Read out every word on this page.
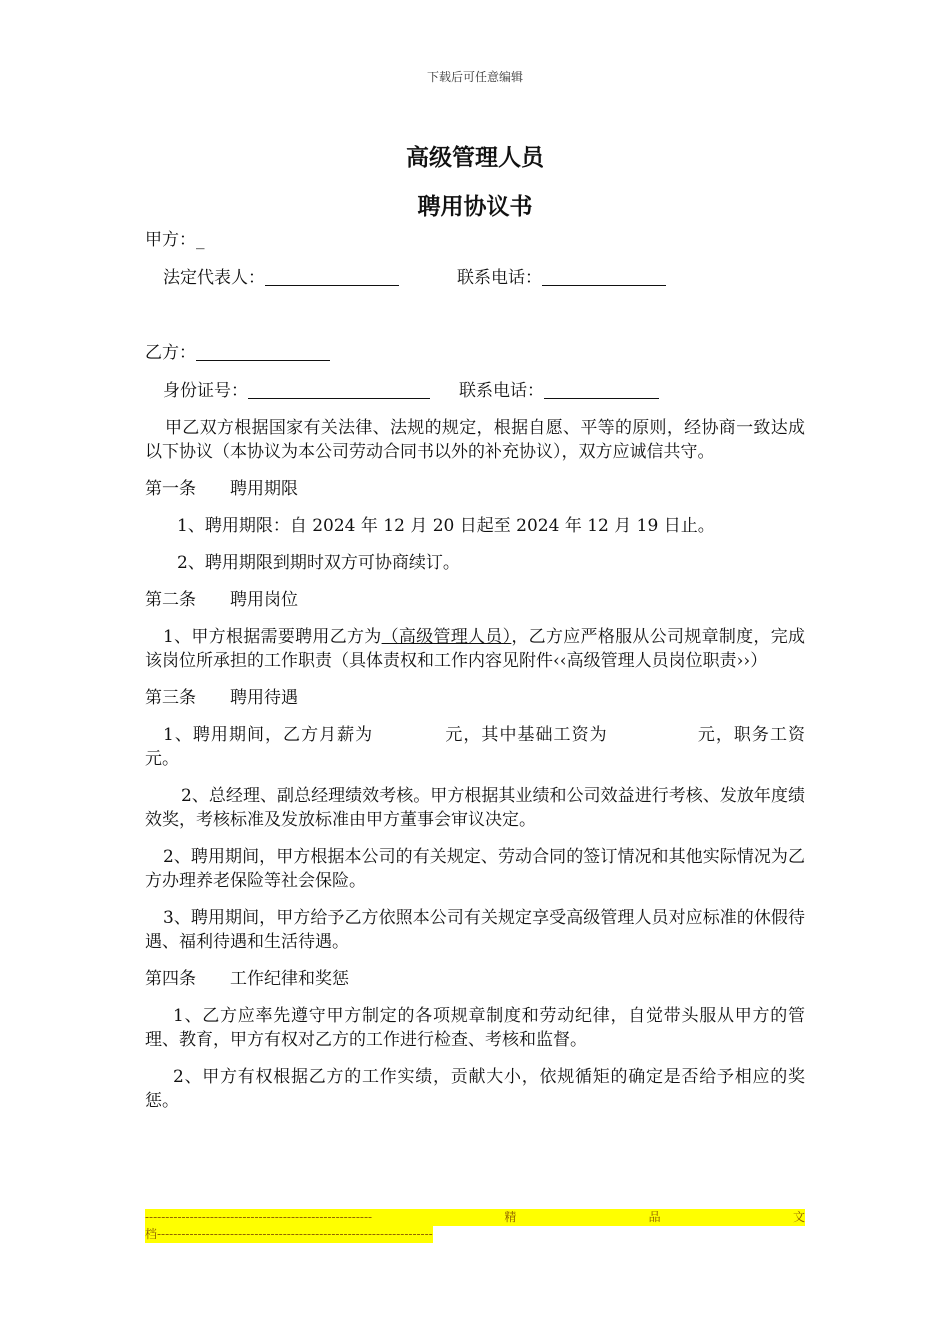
下载后可任意编辑
高级管理人员
聘用协议书

甲方：_

法定代表人：	联系电话：

乙方：

身份证号：	联系电话：

甲乙双方根据国家有关法律、法规的规定，根据自愿、平等的原则，经协商一致达成以下协议（本协议为本公司劳动合同书以外的补充协议），双方应诚信共守。

第一条　　聘用期限

1、聘用期限：自 2024 年 12 月 20 日起至 2024 年 12 月 19 日止。

2、聘用期限到期时双方可协商续订。

第二条　　聘用岗位

1、甲方根据需要聘用乙方为（高级管理人员），乙方应严格服从公司规章制度，完成该岗位所承担的工作职责（具体责权和工作内容见附件‹‹高级管理人员岗位职责››）

第三条　　聘用待遇

1、聘用期间，乙方月薪为　　　　元，其中基础工资为　　　　　元，职务工资　　　元。

2、总经理、副总经理绩效考核。甲方根据其业绩和公司效益进行考核、发放年度绩效奖，考核标准及发放标准由甲方董事会审议决定。

2、聘用期间，甲方根据本公司的有关规定、劳动合同的签订情况和其他实际情况为乙方办理养老保险等社会保险。

3、聘用期间，甲方给予乙方依照本公司有关规定享受高级管理人员对应标准的休假待遇、福利待遇和生活待遇。

第四条　　工作纪律和奖惩

1、乙方应率先遵守甲方制定的各项规章制度和劳动纪律，自觉带头服从甲方的管理、教育，甲方有权对乙方的工作进行检查、考核和监督。

2、甲方有权根据乙方的工作实绩，贡献大小，依规循矩的确定是否给予相应的奖惩。

--------------------------------------------------------	精	品	文
档--------------------------------------------------------------------
